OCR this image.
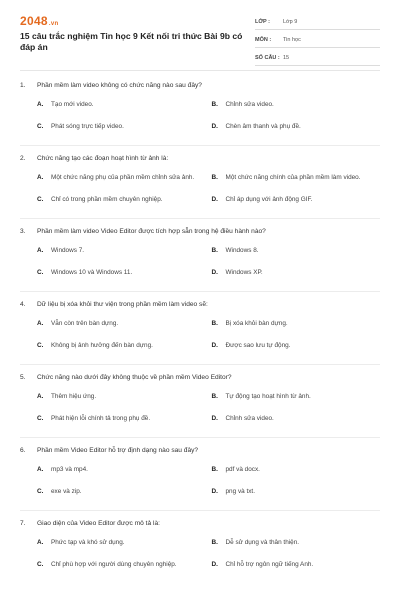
2048.vn
15 câu trắc nghiệm Tin học 9 Kết nối tri thức Bài 9b có đáp án
LỚP :	Lớp 9
MÔN :	Tin học
SỐ CÂU : 15
1. Phần mềm làm video không có chức năng nào sau đây?
A.	Tạo mới video.	B.	Chỉnh sửa video.
C.	Phát sóng trực tiếp video.	D.	Chèn âm thanh và phụ đề.
2. Chức năng tạo các đoạn hoạt hình từ ảnh là:
A.	Một chức năng phụ của phần mềm chỉnh sửa ảnh.	B.	Một chức năng chính của phần mềm làm video.
C.	Chỉ có trong phần mềm chuyên nghiệp.	D.	Chỉ áp dụng với ảnh động GIF.
3. Phần mềm làm video Video Editor được tích hợp sẵn trong hệ điều hành nào?
A.	Windows 7.	B.	Windows 8.
C.	Windows 10 và Windows 11.	D.	Windows XP.
4. Dữ liệu bị xóa khỏi thư viện trong phần mềm làm video sẽ:
A.	Vẫn còn trên bàn dựng.	B.	Bị xóa khỏi bàn dựng.
C.	Không bị ảnh hưởng đến bàn dựng.	D.	Được sao lưu tự động.
5. Chức năng nào dưới đây không thuộc về phần mềm Video Editor?
A.	Thêm hiệu ứng.	B.	Tự động tạo hoạt hình từ ảnh.
C.	Phát hiện lỗi chính tả trong phụ đề.	D.	Chỉnh sửa video.
6. Phần mềm Video Editor hỗ trợ định dạng nào sau đây?
A.	mp3 và mp4.	B.	pdf và docx.
C.	exe và zip.	D.	png và txt.
7. Giao diện của Video Editor được mô tả là:
A.	Phức tạp và khó sử dụng.	B.	Dễ sử dụng và thân thiện.
C.	Chỉ phù hợp với người dùng chuyên nghiệp.	D.	Chỉ hỗ trợ ngôn ngữ tiếng Anh.
